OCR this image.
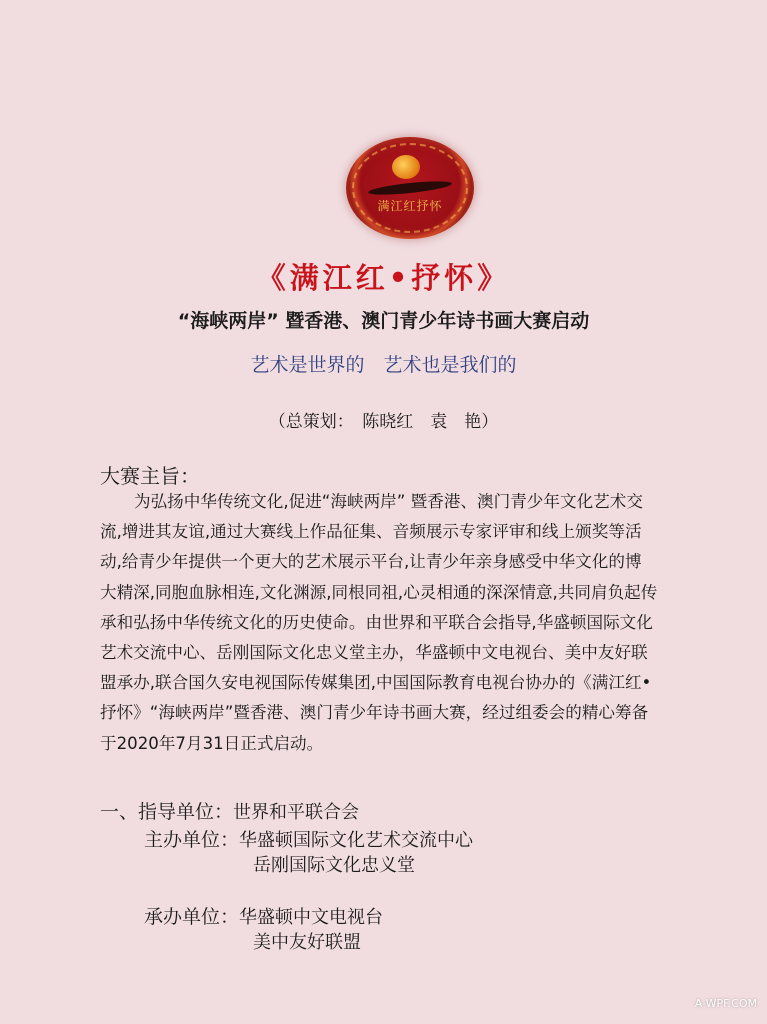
满江红抒怀
《满江红•抒怀》
“海峡两岸” 暨香港、澳门青少年诗书画大赛启动
艺术是世界的　艺术也是我们的
（总策划：　陈晓红　袁　艳）
大赛主旨：
为弘扬中华传统文化,促进“海峡两岸” 暨香港、澳门青少年文化艺术交
流,增进其友谊,通过大赛线上作品征集、音频展示专家评审和线上颁奖等活
动,给青少年提供一个更大的艺术展示平台,让青少年亲身感受中华文化的博
大精深,同胞血脉相连,文化渊源,同根同祖,心灵相通的深深情意,共同肩负起传
承和弘扬中华传统文化的历史使命。由世界和平联合会指导,华盛顿国际文化
艺术交流中心、岳刚国际文化忠义堂主办，华盛顿中文电视台、美中友好联
盟承办,联合国久安电视国际传媒集团,中国国际教育电视台协办的《满江红•
抒怀》“海峡两岸”暨香港、澳门青少年诗书画大赛，经过组委会的精心筹备
于2020年7月31日正式启动。
一、指导单位：世界和平联合会
主办单位：华盛顿国际文化艺术交流中心
岳刚国际文化忠义堂
承办单位：华盛顿中文电视台
美中友好联盟
A-WPF.COM
